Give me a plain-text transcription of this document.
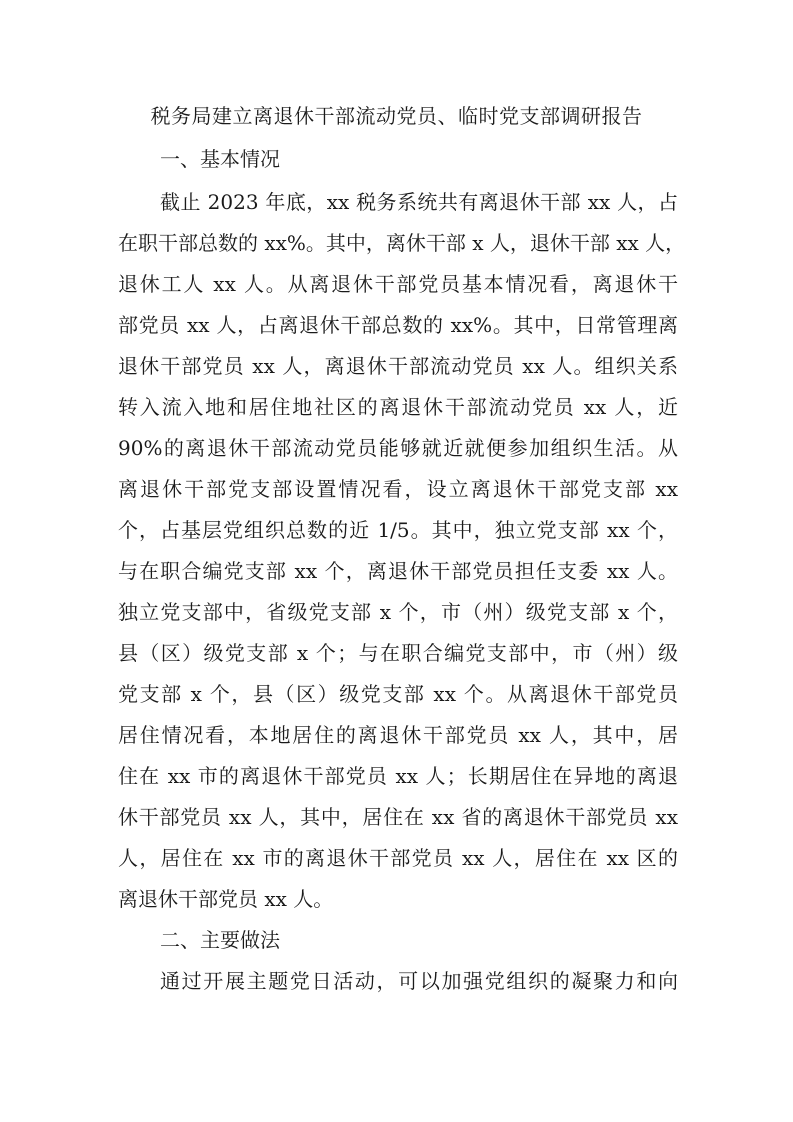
税务局建立离退休干部流动党员、临时党支部调研报告
一、基本情况
截止 2023 年底，xx 税务系统共有离退休干部 xx 人，占
在职干部总数的 xx%。其中，离休干部 x 人，退休干部 xx 人，
退休工人 xx 人。从离退休干部党员基本情况看，离退休干
部党员 xx 人，占离退休干部总数的 xx%。其中，日常管理离
退休干部党员 xx 人，离退休干部流动党员 xx 人。组织关系
转入流入地和居住地社区的离退休干部流动党员 xx 人，近
90%的离退休干部流动党员能够就近就便参加组织生活。从
离退休干部党支部设置情况看，设立离退休干部党支部 xx
个，占基层党组织总数的近 1/5。其中，独立党支部 xx 个，
与在职合编党支部 xx 个，离退休干部党员担任支委 xx 人。
独立党支部中，省级党支部 x 个，市（州）级党支部 x 个，
县（区）级党支部 x 个；与在职合编党支部中，市（州）级
党支部 x 个，县（区）级党支部 xx 个。从离退休干部党员
居住情况看，本地居住的离退休干部党员 xx 人，其中，居
住在 xx 市的离退休干部党员 xx 人；长期居住在异地的离退
休干部党员 xx 人，其中，居住在 xx 省的离退休干部党员 xx
人，居住在 xx 市的离退休干部党员 xx 人，居住在 xx 区的
离退休干部党员 xx 人。
二、主要做法
通过开展主题党日活动，可以加强党组织的凝聚力和向
